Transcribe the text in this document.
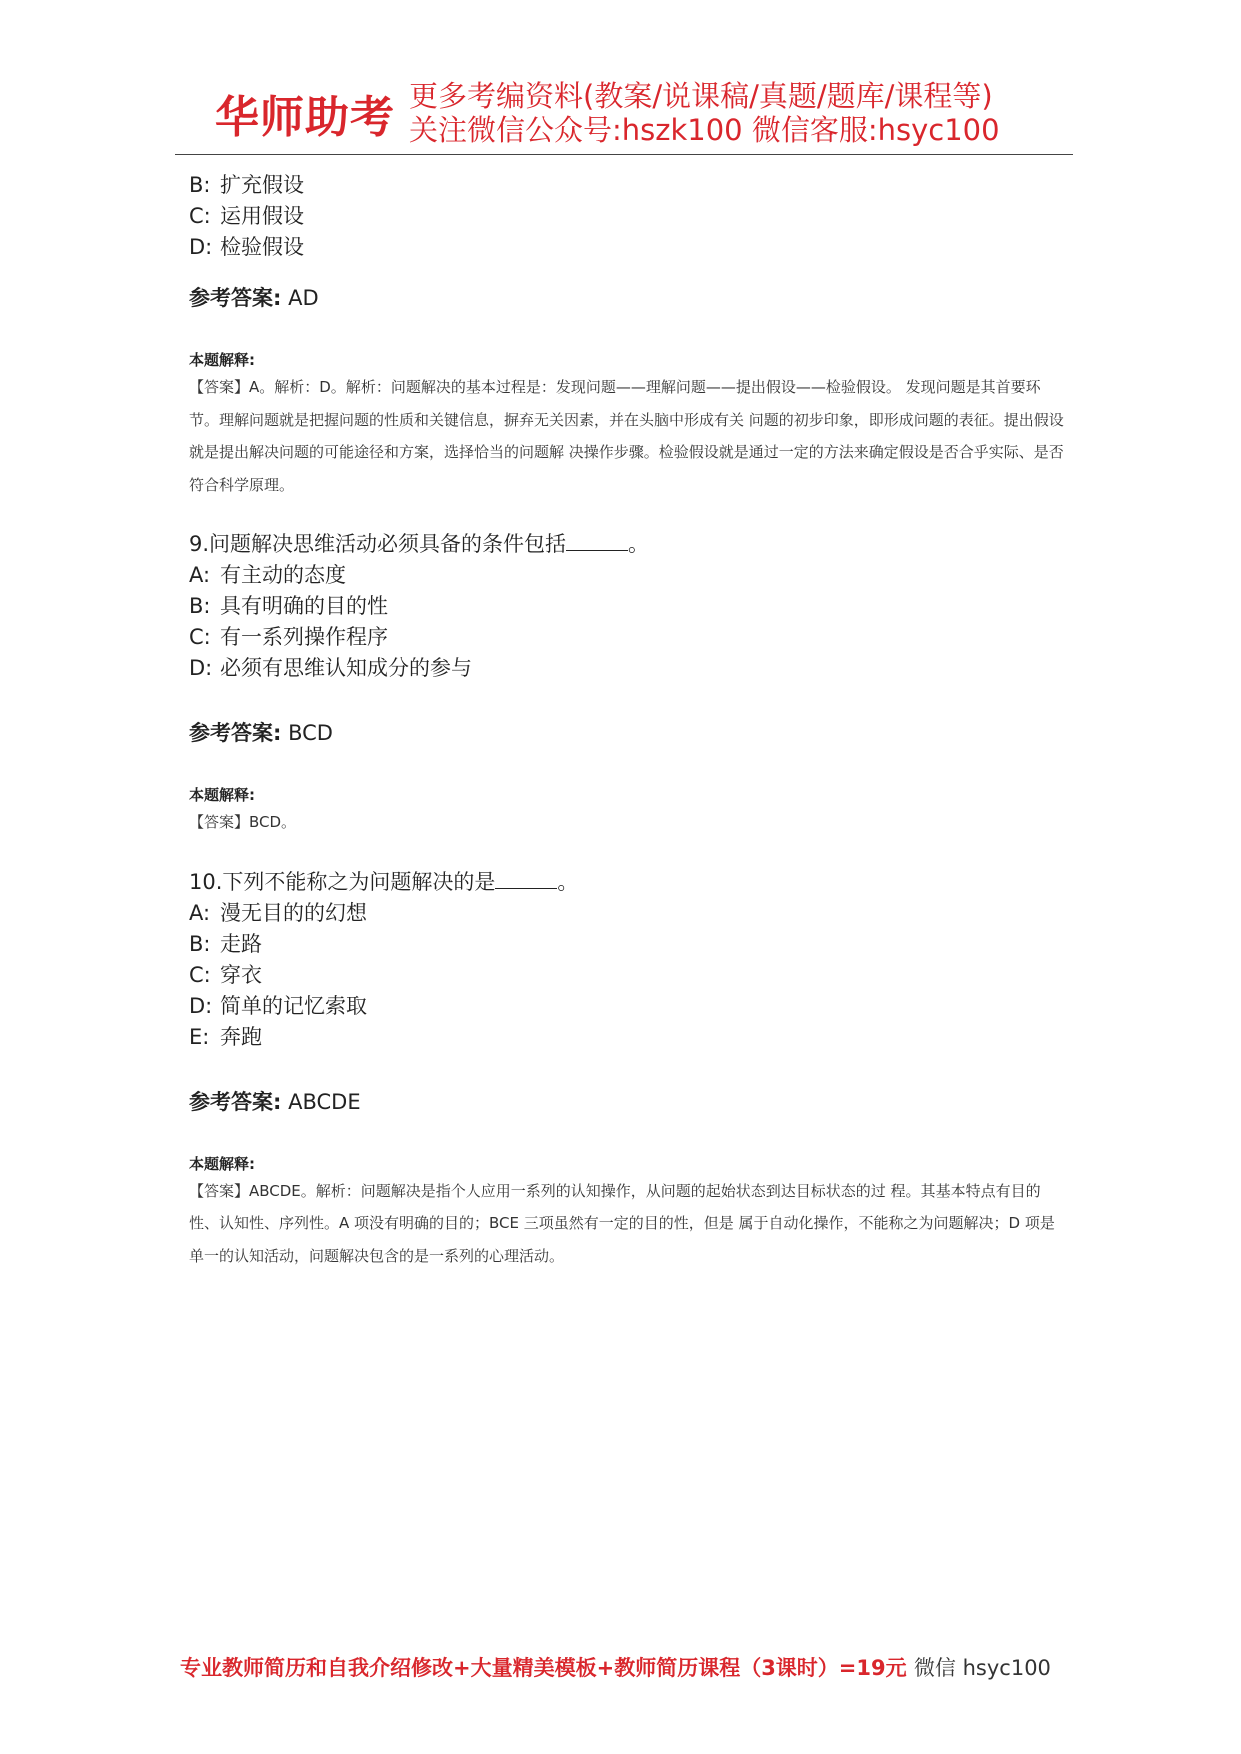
华师助考 更多考编资料(教案/说课稿/真题/题库/课程等)
关注微信公众号:hszk100 微信客服:hsyc100
B: 扩充假设
C: 运用假设
D: 检验假设
参考答案: AD
本题解释:
【答案】A。解析：D。解析：问题解决的基本过程是：发现问题——理解问题——提出假设——检验假设。 发现问题是其首要环节。理解问题就是把握问题的性质和关键信息，摒弃无关因素，并在头脑中形成有关 问题的初步印象，即形成问题的表征。提出假设就是提出解决问题的可能途径和方案，选择恰当的问题解 决操作步骤。检验假设就是通过一定的方法来确定假设是否合乎实际、是否符合科学原理。
9.问题解决思维活动必须具备的条件包括	。
A: 有主动的态度
B: 具有明确的目的性
C: 有一系列操作程序
D: 必须有思维认知成分的参与
参考答案: BCD
本题解释:
【答案】BCD。
10.下列不能称之为问题解决的是	。
A: 漫无目的的幻想
B: 走路
C: 穿衣
D: 简单的记忆索取
E: 奔跑
参考答案: ABCDE
本题解释:
【答案】ABCDE。解析：问题解决是指个人应用一系列的认知操作，从问题的起始状态到达目标状态的过 程。其基本特点有目的性、认知性、序列性。A 项没有明确的目的；BCE 三项虽然有一定的目的性，但是 属于自动化操作，不能称之为问题解决；D 项是单一的认知活动，问题解决包含的是一系列的心理活动。
专业教师简历和自我介绍修改+大量精美模板+教师简历课程（3课时）=19元 微信 hsyc100
